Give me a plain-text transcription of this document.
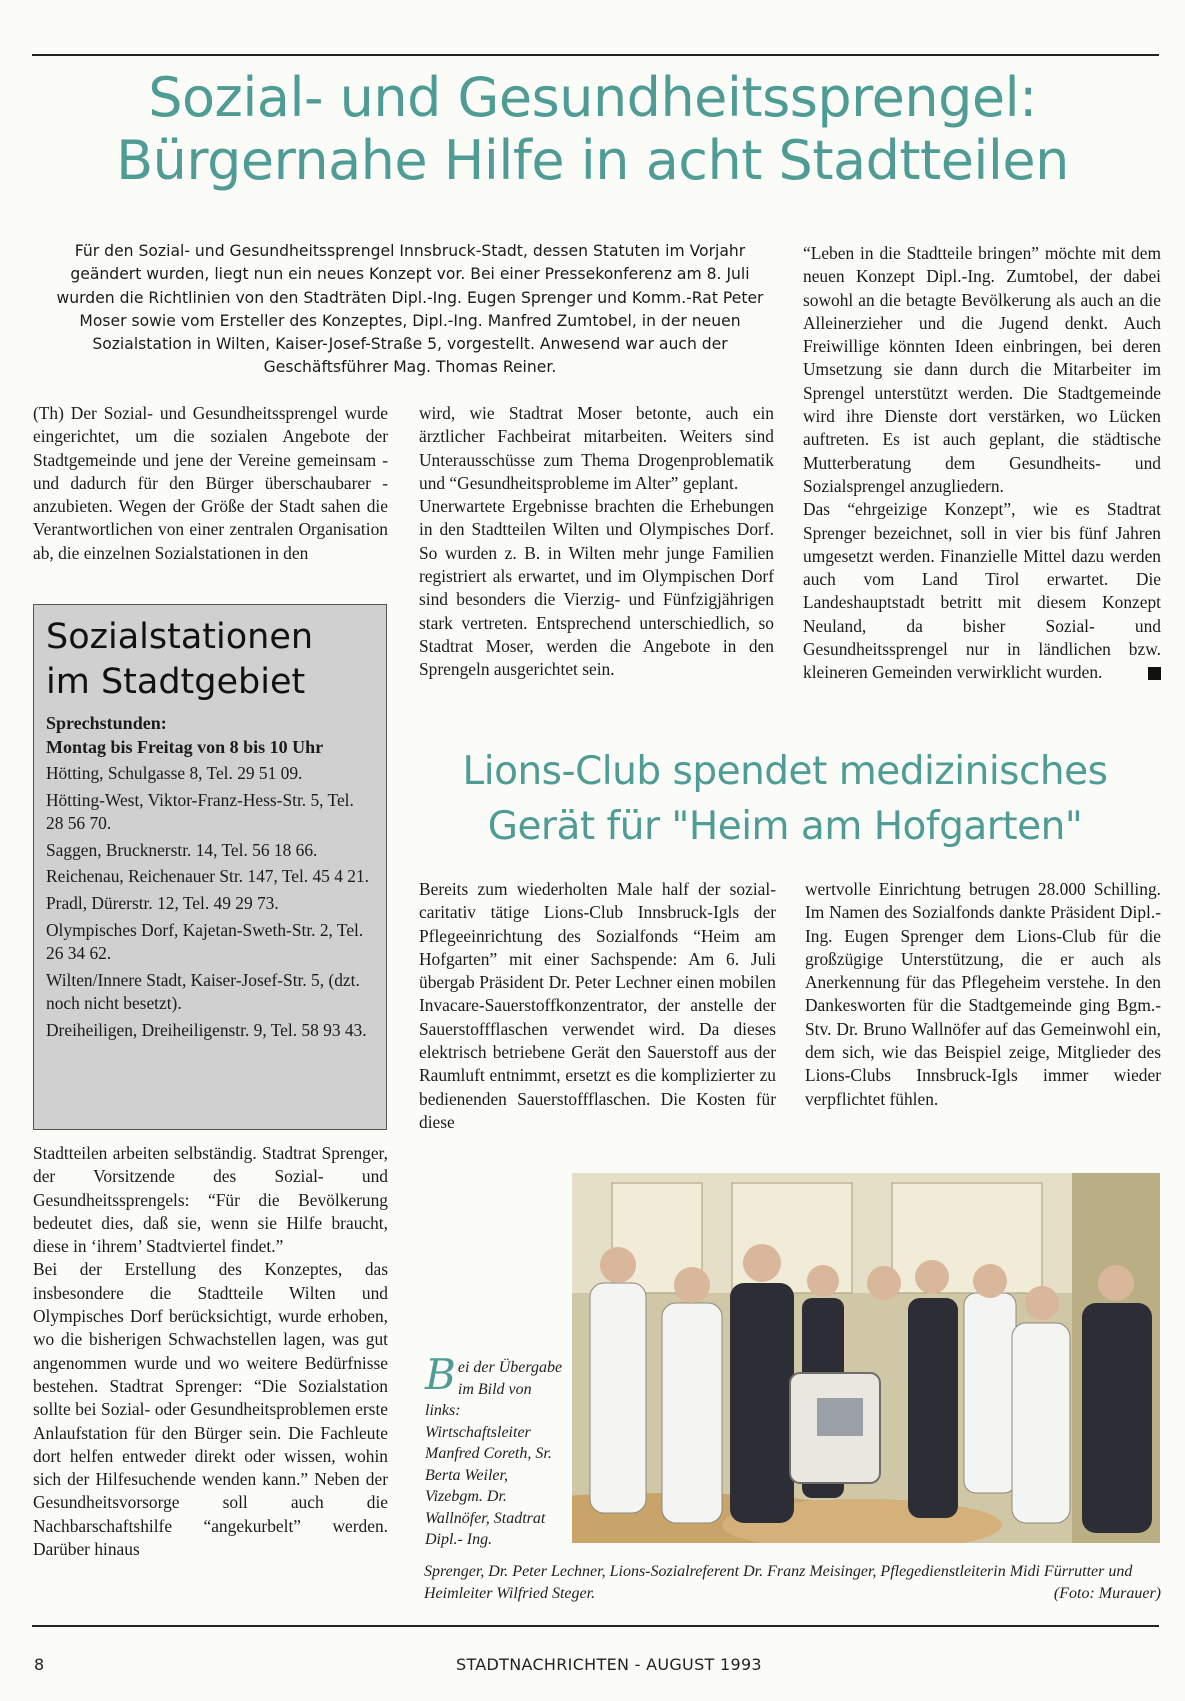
Sozial- und Gesundheitssprengel:
Bürgernahe Hilfe in acht Stadtteilen
Für den Sozial- und Gesundheitssprengel Innsbruck-Stadt, dessen Statuten im Vorjahr geändert wurden, liegt nun ein neues Konzept vor. Bei einer Pressekonferenz am 8. Juli wurden die Richtlinien von den Stadträten Dipl.-Ing. Eugen Sprenger und Komm.-Rat Peter Moser sowie vom Ersteller des Konzeptes, Dipl.-Ing. Manfred Zumtobel, in der neuen Sozialstation in Wilten, Kaiser-Josef-Straße 5, vorgestellt. Anwesend war auch der Geschäftsführer Mag. Thomas Reiner.

(Th) Der Sozial- und Gesundheitssprengel wurde eingerichtet, um die sozialen Angebote der Stadtgemeinde und jene der Vereine gemeinsam - und dadurch für den Bürger überschaubarer - anzubieten. Wegen der Größe der Stadt sahen die Verantwortlichen von einer zentralen Organisation ab, die einzelnen Sozialstationen in den

Sozialstationen
im Stadtgebiet
Sprechstunden:
Montag bis Freitag von 8 bis 10 Uhr
Hötting, Schulgasse 8, Tel. 29 51 09.
Hötting-West, Viktor-Franz-Hess-Str. 5, Tel. 28 56 70.
Saggen, Brucknerstr. 14, Tel. 56 18 66.
Reichenau, Reichenauer Str. 147, Tel. 45 4 21.
Pradl, Dürerstr. 12, Tel. 49 29 73.
Olympisches Dorf, Kajetan-Sweth-Str. 2, Tel. 26 34 62.
Wilten/Innere Stadt, Kaiser-Josef-Str. 5, (dzt. noch nicht besetzt).
Dreiheiligen, Dreiheiligenstr. 9, Tel. 58 93 43.

Stadtteilen arbeiten selbständig. Stadtrat Sprenger, der Vorsitzende des Sozial- und Gesundheitssprengels: “Für die Bevölkerung bedeutet dies, daß sie, wenn sie Hilfe braucht, diese in ‘ihrem’ Stadtviertel findet.”

Bei der Erstellung des Konzeptes, das insbesondere die Stadtteile Wilten und Olympisches Dorf berücksichtigt, wurde erhoben, wo die bisherigen Schwachstellen lagen, was gut angenommen wurde und wo weitere Bedürfnisse bestehen. Stadtrat Sprenger: “Die Sozialstation sollte bei Sozial- oder Gesundheitsproblemen erste Anlaufstation für den Bürger sein. Die Fachleute dort helfen entweder direkt oder wissen, wohin sich der Hilfesuchende wenden kann.” Neben der Gesundheitsvorsorge soll auch die Nachbarschaftshilfe “angekurbelt” werden. Darüber hinaus

wird, wie Stadtrat Moser betonte, auch ein ärztlicher Fachbeirat mitarbeiten. Weiters sind Unterausschüsse zum Thema Drogenproblematik und “Gesundheitsprobleme im Alter” geplant.

Unerwartete Ergebnisse brachten die Erhebungen in den Stadtteilen Wilten und Olympisches Dorf. So wurden z. B. in Wilten mehr junge Familien registriert als erwartet, und im Olympischen Dorf sind besonders die Vierzig- und Fünfzigjährigen stark vertreten. Entsprechend unterschiedlich, so Stadtrat Moser, werden die Angebote in den Sprengeln ausgerichtet sein.

“Leben in die Stadtteile bringen” möchte mit dem neuen Konzept Dipl.-Ing. Zumtobel, der dabei sowohl an die betagte Bevölkerung als auch an die Alleinerzieher und die Jugend denkt. Auch Freiwillige könnten Ideen einbringen, bei deren Umsetzung sie dann durch die Mitarbeiter im Sprengel unterstützt werden. Die Stadtgemeinde wird ihre Dienste dort verstärken, wo Lücken auftreten. Es ist auch geplant, die städtische Mutterberatung dem Gesundheits- und Sozialsprengel anzugliedern.

Das “ehrgeizige Konzept”, wie es Stadtrat Sprenger bezeichnet, soll in vier bis fünf Jahren umgesetzt werden. Finanzielle Mittel dazu werden auch vom Land Tirol erwartet. Die Landeshauptstadt betritt mit diesem Konzept Neuland, da bisher Sozial- und Gesundheitssprengel nur in ländlichen bzw. kleineren Gemeinden verwirklicht wurden.

Lions-Club spendet medizinisches
Gerät für "Heim am Hofgarten"

Bereits zum wiederholten Male half der sozial-caritativ tätige Lions-Club Innsbruck-Igls der Pflegeeinrichtung des Sozialfonds “Heim am Hofgarten” mit einer Sachspende: Am 6. Juli übergab Präsident Dr. Peter Lechner einen mobilen Invacare-Sauerstoffkonzentrator, der anstelle der Sauerstoffflaschen verwendet wird. Da dieses elektrisch betriebene Gerät den Sauerstoff aus der Raumluft entnimmt, ersetzt es die komplizierter zu bedienenden Sauerstoffflaschen. Die Kosten für diese

wertvolle Einrichtung betrugen 28.000 Schilling. Im Namen des Sozialfonds dankte Präsident Dipl.-Ing. Eugen Sprenger dem Lions-Club für die großzügige Unterstützung, die er auch als Anerkennung für das Pflegeheim verstehe. In den Dankesworten für die Stadtgemeinde ging Bgm.-Stv. Dr. Bruno Wallnöfer auf das Gemeinwohl ein, dem sich, wie das Beispiel zeige, Mitglieder des Lions-Clubs Innsbruck-Igls immer wieder verpflichtet fühlen.

Bei der Übergabe im Bild von links: Wirtschaftsleiter Manfred Coreth, Sr. Berta Weiler, Vizebgm. Dr. Wallnöfer, Stadtrat Dipl.- Ing.
Sprenger, Dr. Peter Lechner, Lions-Sozialreferent Dr. Franz Meisinger, Pflegedienstleiterin Midi Fürrutter und Heimleiter Wilfried Steger.	(Foto: Murauer)
8	STADTNACHRICHTEN - AUGUST 1993
